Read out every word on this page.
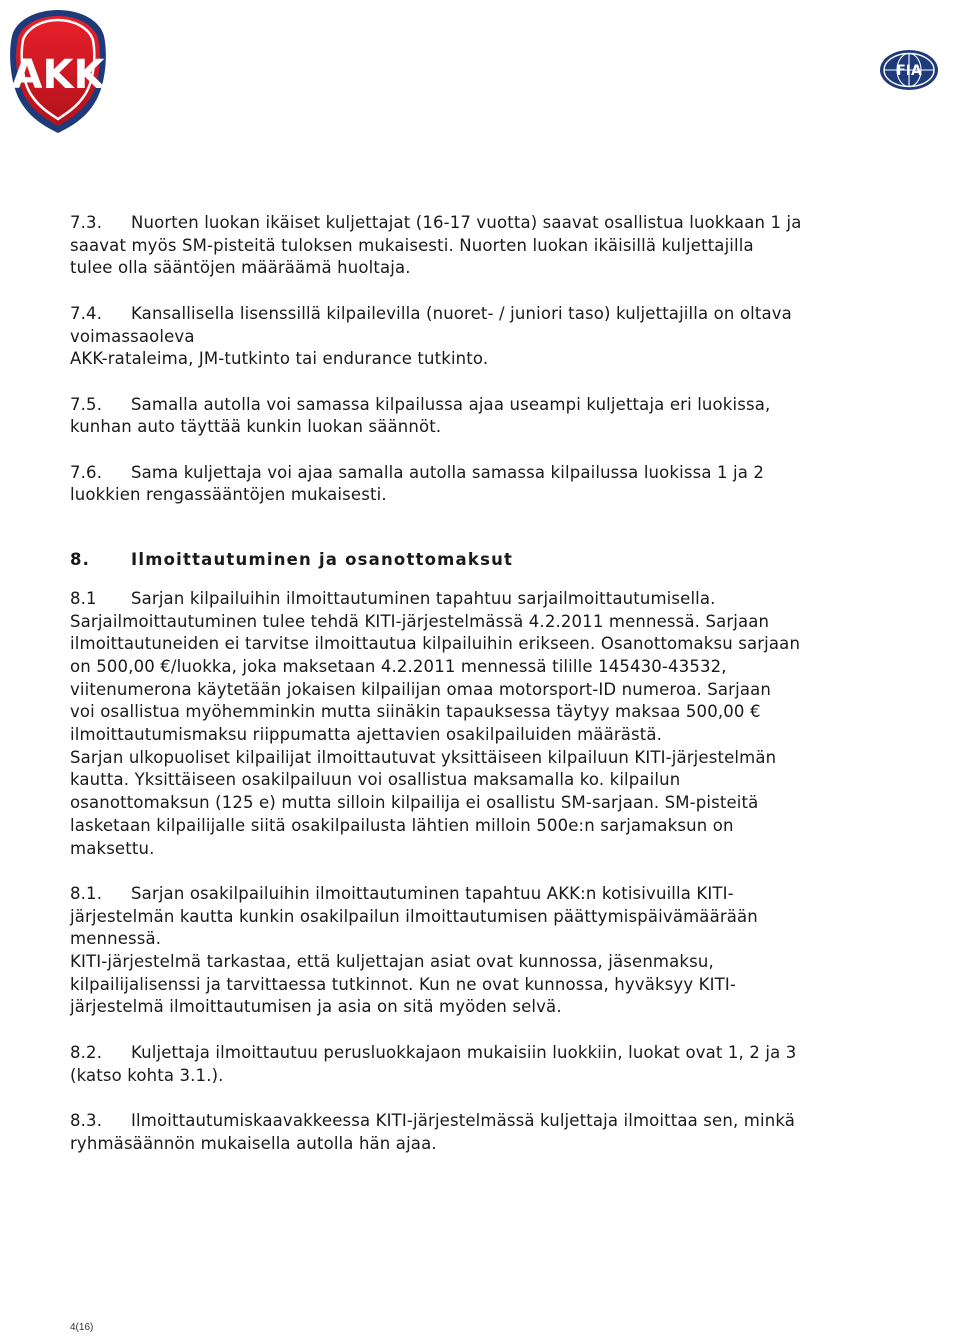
AKK	FIA
7.3. Nuorten luokan ikäiset kuljettajat (16-17 vuotta) saavat osallistua luokkaan 1 ja
saavat myös SM-pisteitä tuloksen mukaisesti. Nuorten luokan ikäisillä kuljettajilla
tulee olla sääntöjen määräämä huoltaja.
7.4. Kansallisella lisenssillä kilpailevilla (nuoret- / juniori taso) kuljettajilla on oltava
voimassaoleva
AKK-rataleima, JM-tutkinto tai endurance tutkinto.
7.5. Samalla autolla voi samassa kilpailussa ajaa useampi kuljettaja eri luokissa,
kunhan auto täyttää kunkin luokan säännöt.
7.6. Sama kuljettaja voi ajaa samalla autolla samassa kilpailussa luokissa 1 ja 2
luokkien rengassääntöjen mukaisesti.
8. Ilmoittautuminen ja osanottomaksut
8.1 Sarjan kilpailuihin ilmoittautuminen tapahtuu sarjailmoittautumisella.
Sarjailmoittautuminen tulee tehdä KITI-järjestelmässä 4.2.2011 mennessä. Sarjaan
ilmoittautuneiden ei tarvitse ilmoittautua kilpailuihin erikseen. Osanottomaksu sarjaan
on 500,00 €/luokka, joka maksetaan 4.2.2011 mennessä tilille 145430-43532,
viitenumerona käytetään jokaisen kilpailijan omaa motorsport-ID numeroa. Sarjaan
voi osallistua myöhemminkin mutta siinäkin tapauksessa täytyy maksaa 500,00 €
ilmoittautumismaksu riippumatta ajettavien osakilpailuiden määrästä.
Sarjan ulkopuoliset kilpailijat ilmoittautuvat yksittäiseen kilpailuun KITI-järjestelmän
kautta. Yksittäiseen osakilpailuun voi osallistua maksamalla ko. kilpailun
osanottomaksun (125 e) mutta silloin kilpailija ei osallistu SM-sarjaan. SM-pisteitä
lasketaan kilpailijalle siitä osakilpailusta lähtien milloin 500e:n sarjamaksun on
maksettu.
8.1. Sarjan osakilpailuihin ilmoittautuminen tapahtuu AKK:n kotisivuilla KITI-
järjestelmän kautta kunkin osakilpailun ilmoittautumisen päättymispäivämäärään
mennessä.
KITI-järjestelmä tarkastaa, että kuljettajan asiat ovat kunnossa, jäsenmaksu,
kilpailijalisenssi ja tarvittaessa tutkinnot. Kun ne ovat kunnossa, hyväksyy KITI-
järjestelmä ilmoittautumisen ja asia on sitä myöden selvä.
8.2. Kuljettaja ilmoittautuu perusluokkajaon mukaisiin luokkiin, luokat ovat 1, 2 ja 3
(katso kohta 3.1.).
8.3. Ilmoittautumiskaavakkeessa KITI-järjestelmässä kuljettaja ilmoittaa sen, minkä
ryhmäsäännön mukaisella autolla hän ajaa.
4(16)
